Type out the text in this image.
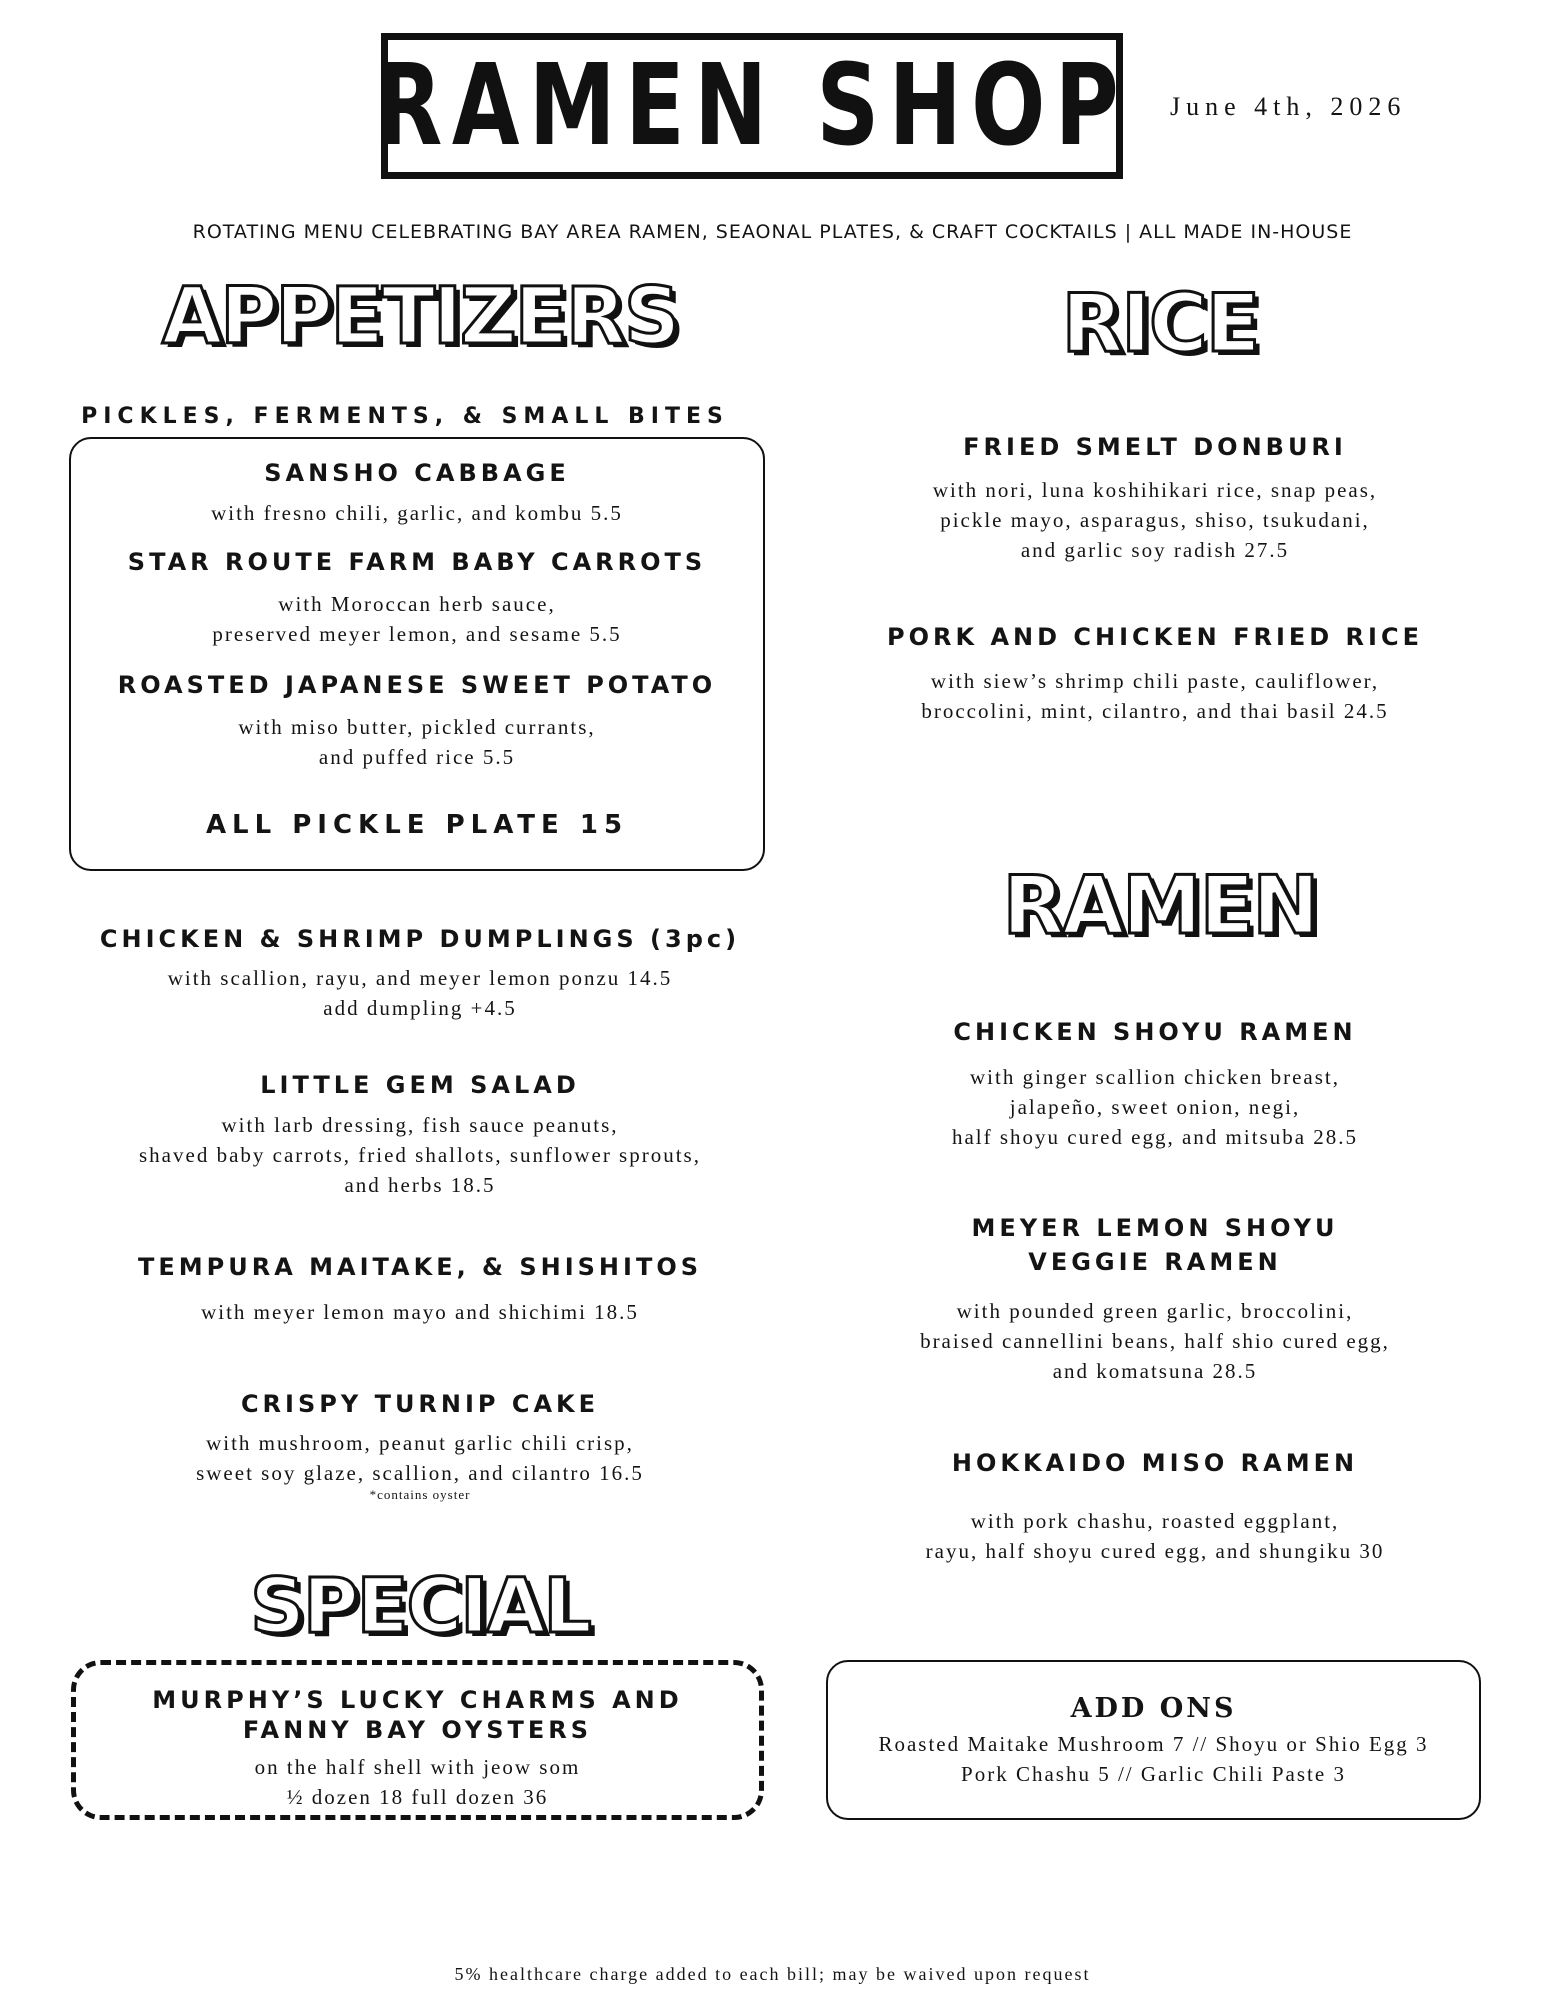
RAMEN SHOP June 4th, 2026
ROTATING MENU CELEBRATING BAY AREA RAMEN, SEAONAL PLATES, & CRAFT COCKTAILS | ALL MADE IN-HOUSE
APPETIZERS
PICKLES, FERMENTS, & SMALL BITES
SANSHO CABBAGE
with fresno chili, garlic, and kombu 5.5
STAR ROUTE FARM BABY CARROTS
with Moroccan herb sauce,
preserved meyer lemon, and sesame 5.5
ROASTED JAPANESE SWEET POTATO
with miso butter, pickled currants,
and puffed rice 5.5
ALL PICKLE PLATE 15
CHICKEN & SHRIMP DUMPLINGS (3pc)
with scallion, rayu, and meyer lemon ponzu 14.5
add dumpling +4.5
LITTLE GEM SALAD
with larb dressing, fish sauce peanuts,
shaved baby carrots, fried shallots, sunflower sprouts,
and herbs 18.5
TEMPURA MAITAKE, & SHISHITOS
with meyer lemon mayo and shichimi 18.5
CRISPY TURNIP CAKE
with mushroom, peanut garlic chili crisp,
sweet soy glaze, scallion, and cilantro 16.5
*contains oyster
SPECIAL
MURPHY’S LUCKY CHARMS AND
FANNY BAY OYSTERS
on the half shell with jeow som
½ dozen 18 full dozen 36
RICE
FRIED SMELT DONBURI
with nori, luna koshihikari rice, snap peas,
pickle mayo, asparagus, shiso, tsukudani,
and garlic soy radish 27.5
PORK AND CHICKEN FRIED RICE
with siew’s shrimp chili paste, cauliflower,
broccolini, mint, cilantro, and thai basil 24.5
RAMEN
CHICKEN SHOYU RAMEN
with ginger scallion chicken breast,
jalapeño, sweet onion, negi,
half shoyu cured egg, and mitsuba 28.5
MEYER LEMON SHOYU
VEGGIE RAMEN
with pounded green garlic, broccolini,
braised cannellini beans, half shio cured egg,
and komatsuna 28.5
HOKKAIDO MISO RAMEN
with pork chashu, roasted eggplant,
rayu, half shoyu cured egg, and shungiku 30
ADD ONS
Roasted Maitake Mushroom 7 // Shoyu or Shio Egg 3
Pork Chashu 5 // Garlic Chili Paste 3
5% healthcare charge added to each bill; may be waived upon request
